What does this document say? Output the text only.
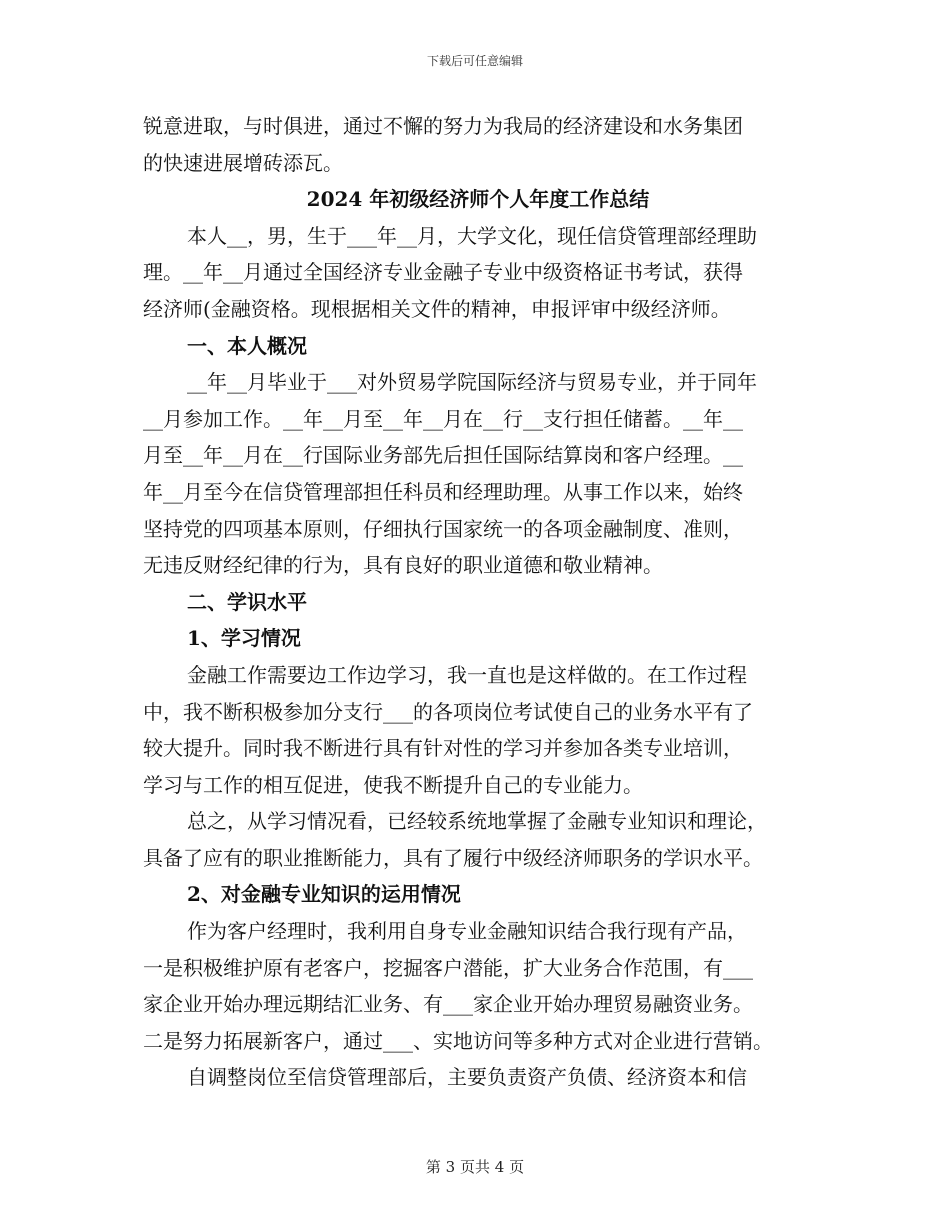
下载后可任意编辑
锐意进取，与时俱进，通过不懈的努力为我局的经济建设和水务集团
的快速进展增砖添瓦。
2024 年初级经济师个人年度工作总结
本人__，男，生于___年__月，大学文化，现任信贷管理部经理助
理。__年__月通过全国经济专业金融子专业中级资格证书考试，获得
经济师(金融资格。现根据相关文件的精神，申报评审中级经济师。
一、本人概况
__年__月毕业于___对外贸易学院国际经济与贸易专业，并于同年
__月参加工作。__年__月至__年__月在__行__支行担任储蓄。__年__
月至__年__月在__行国际业务部先后担任国际结算岗和客户经理。__
年__月至今在信贷管理部担任科员和经理助理。从事工作以来，始终
坚持党的四项基本原则，仔细执行国家统一的各项金融制度、准则，
无违反财经纪律的行为，具有良好的职业道德和敬业精神。
二、学识水平
1、学习情况
金融工作需要边工作边学习，我一直也是这样做的。在工作过程
中，我不断积极参加分支行___的各项岗位考试使自己的业务水平有了
较大提升。同时我不断进行具有针对性的学习并参加各类专业培训，
学习与工作的相互促进，使我不断提升自己的专业能力。
总之，从学习情况看，已经较系统地掌握了金融专业知识和理论，
具备了应有的职业推断能力，具有了履行中级经济师职务的学识水平。
2、对金融专业知识的运用情况
作为客户经理时，我利用自身专业金融知识结合我行现有产品，
一是积极维护原有老客户，挖掘客户潜能，扩大业务合作范围，有___
家企业开始办理远期结汇业务、有___家企业开始办理贸易融资业务。
二是努力拓展新客户，通过___、实地访问等多种方式对企业进行营销。
自调整岗位至信贷管理部后，主要负责资产负债、经济资本和信
第 3 页共 4 页
